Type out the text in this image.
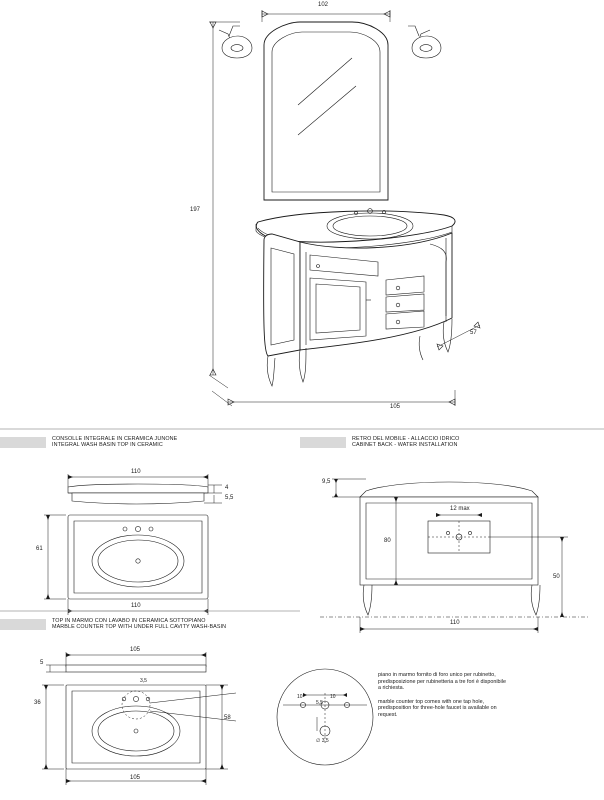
102
197
105
57
CONSOLLE INTEGRALE IN CERAMICA JUNONE
INTEGRAL WASH BASIN TOP IN CERAMIC
RETRO DEL MOBILE - ALLACCIO IDRICO
CABINET BACK - WATER INSTALLATION
110
4
5,5
61
110
9,5
12 max
80
50
110
TOP IN MARMO CON LAVABO IN CERAMICA SOTTOPIANO
MARBLE COUNTER TOP WITH UNDER FULL CAVITY WASH-BASIN
105
5
36
58
105
3,5
10	10
5,5
∅ 3,5

piano in marmo fornito di foro unico per rubinetto, predisposizione per rubinetteria a tre fori è disponibile a richiesta.

marble counter top comes with one tap hole, predisposition for three-hole faucet is available on request.
